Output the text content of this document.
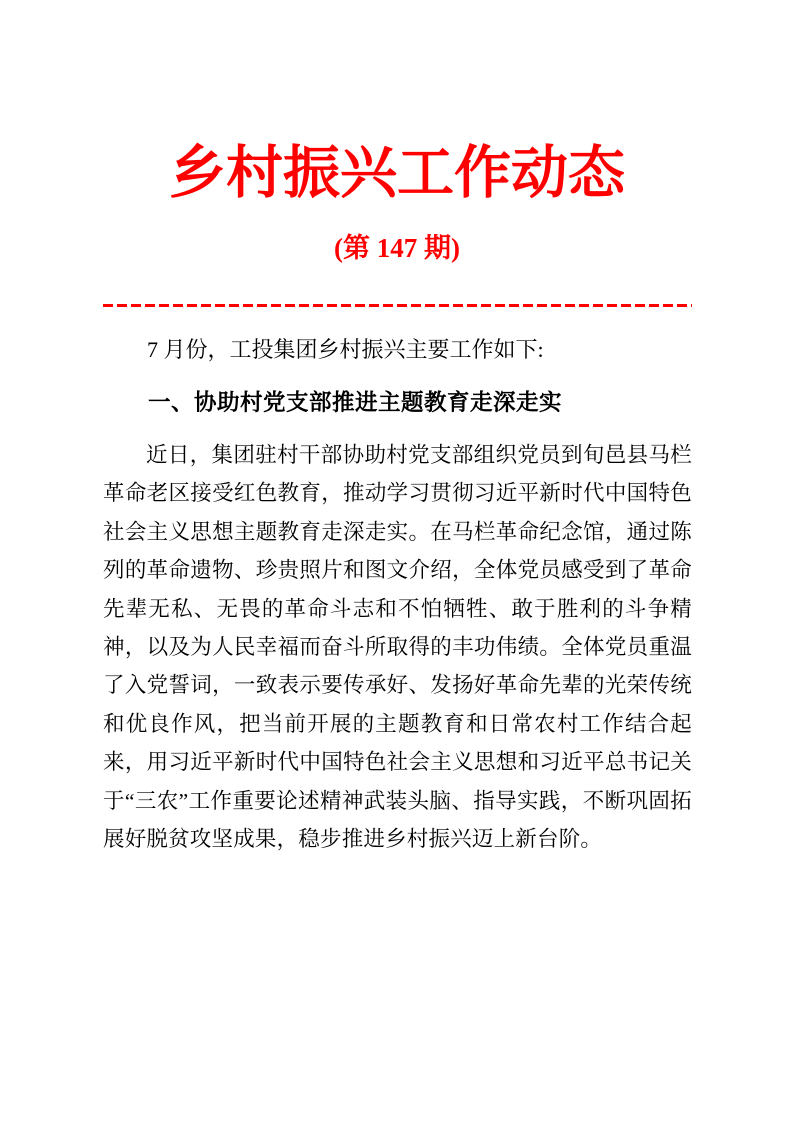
乡村振兴工作动态
(第 147 期)

7 月份，工投集团乡村振兴主要工作如下:

一、协助村党支部推进主题教育走深走实

近日，集团驻村干部协助村党支部组织党员到旬邑县马栏革命老区接受红色教育，推动学习贯彻习近平新时代中国特色社会主义思想主题教育走深走实。在马栏革命纪念馆，通过陈列的革命遗物、珍贵照片和图文介绍，全体党员感受到了革命先辈无私、无畏的革命斗志和不怕牺牲、敢于胜利的斗争精神，以及为人民幸福而奋斗所取得的丰功伟绩。全体党员重温了入党誓词，一致表示要传承好、发扬好革命先辈的光荣传统和优良作风，把当前开展的主题教育和日常农村工作结合起来，用习近平新时代中国特色社会主义思想和习近平总书记关于“三农”工作重要论述精神武装头脑、指导实践，不断巩固拓展好脱贫攻坚成果，稳步推进乡村振兴迈上新台阶。
